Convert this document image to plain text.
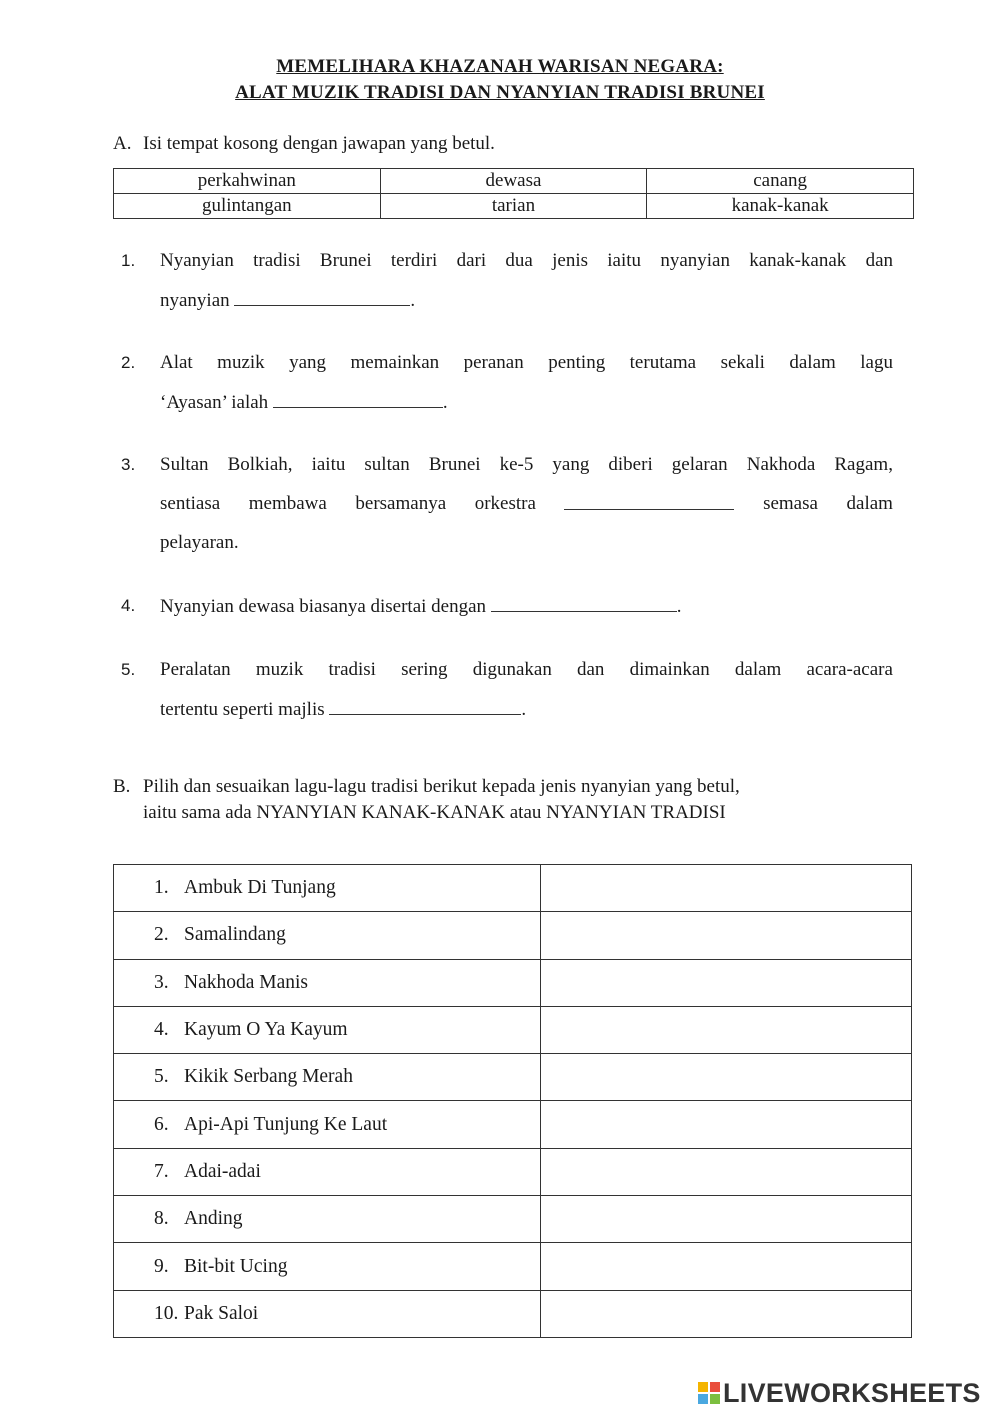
MEMELIHARA KHAZANAH WARISAN NEGARA:
ALAT MUZIK TRADISI DAN NYANYIAN TRADISI BRUNEI
A. Isi tempat kosong dengan jawapan yang betul.
perkahwinan	dewasa	canang
gulintangan	tarian	kanak-kanak
1. Nyanyian tradisi Brunei terdiri dari dua jenis iaitu nyanyian kanak-kanak dan
nyanyian	.
2. Alat muzik yang memainkan peranan penting terutama sekali dalam lagu
‘Ayasan’ ialah	.
3. Sultan Bolkiah, iaitu sultan Brunei ke-5 yang diberi gelaran Nakhoda Ragam,
sentiasa membawa bersamanya orkestra	semasa dalam
pelayaran.
4. Nyanyian dewasa biasanya disertai dengan	.
5. Peralatan muzik tradisi sering digunakan dan dimainkan dalam acara-acara
tertentu seperti majlis	.
B. Pilih dan sesuaikan lagu-lagu tradisi berikut kepada jenis nyanyian yang betul,
iaitu sama ada NYANYIAN KANAK-KANAK atau NYANYIAN TRADISI
1. Ambuk Di Tunjang	
2. Samalindang	
3. Nakhoda Manis	
4. Kayum O Ya Kayum	
5. Kikik Serbang Merah	
6. Api-Api Tunjung Ke Laut	
7. Adai-adai	
8. Anding	
9. Bit-bit Ucing	
10. Pak Saloi	
LIVEWORKSHEETS
